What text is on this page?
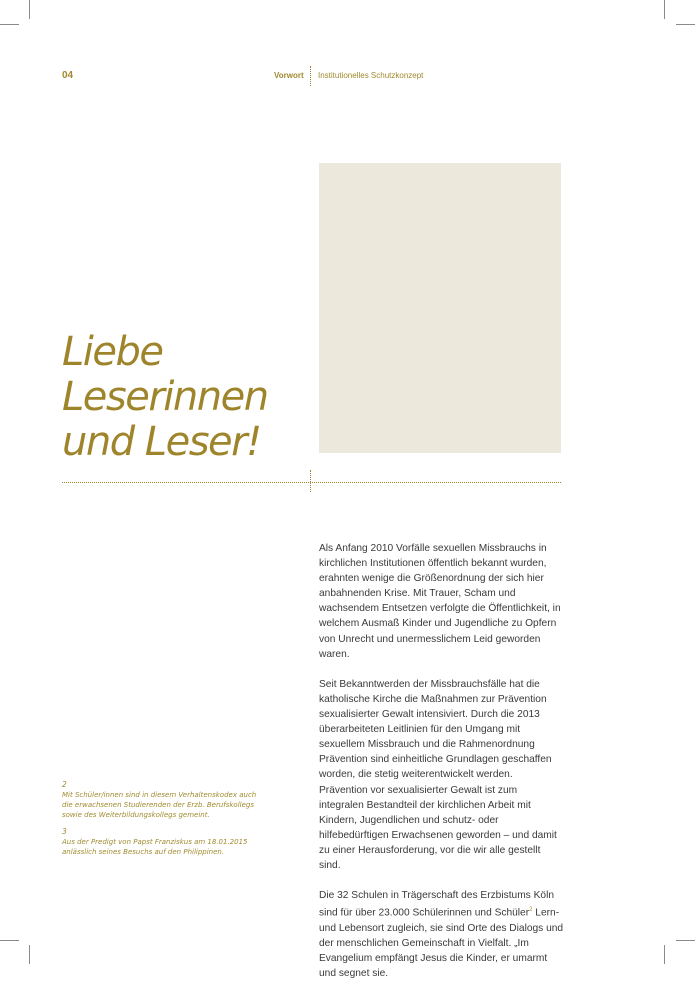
04	Vorwort Institutionelles Schutzkonzept
Liebe
Leserinnen
und Leser!

Als Anfang 2010 Vorfälle sexuellen Missbrauchs in kirchlichen Institutionen öffentlich bekannt wurden, erahnten wenige die Größenordnung der sich hier anbahnenden Krise. Mit Trauer, Scham und wachsendem Entsetzen verfolgte die Öffentlichkeit, in welchem Ausmaß Kinder und Jugendliche zu Opfern von Unrecht und unermesslichem Leid geworden waren.

Seit Bekanntwerden der Missbrauchsfälle hat die katholische Kirche die Maßnahmen zur Prävention sexualisierter Gewalt intensiviert. Durch die 2013 überarbeiteten Leitlinien für den Umgang mit sexuellem Missbrauch und die Rahmenordnung Prävention sind einheitliche Grundlagen geschaffen worden, die stetig weiterentwickelt werden. Prävention vor sexualisierter Gewalt ist zum integralen Bestandteil der kirchlichen Arbeit mit Kindern, Jugendlichen und schutz- oder hilfebedürftigen Erwachsenen geworden – und damit zu einer Herausforderung, vor die wir alle gestellt sind.

Die 32 Schulen in Trägerschaft des Erzbistums Köln sind für über 23.000 Schülerinnen und Schüler$^2$ Lern- und Lebensort zugleich, sie sind Orte des Dialogs und der menschlichen Gemeinschaft in Vielfalt. „Im Evangelium empfängt Jesus die Kinder, er umarmt und segnet sie.

2
Mit Schüler/innen sind in diesem Verhaltenskodex auch die erwachsenen Studierenden der Erzb. Berufskollegs sowie des Weiterbildungskollegs gemeint.
3
Aus der Predigt von Papst Franziskus am 18.01.2015 anlässlich seines Besuchs auf den Philippinen.
